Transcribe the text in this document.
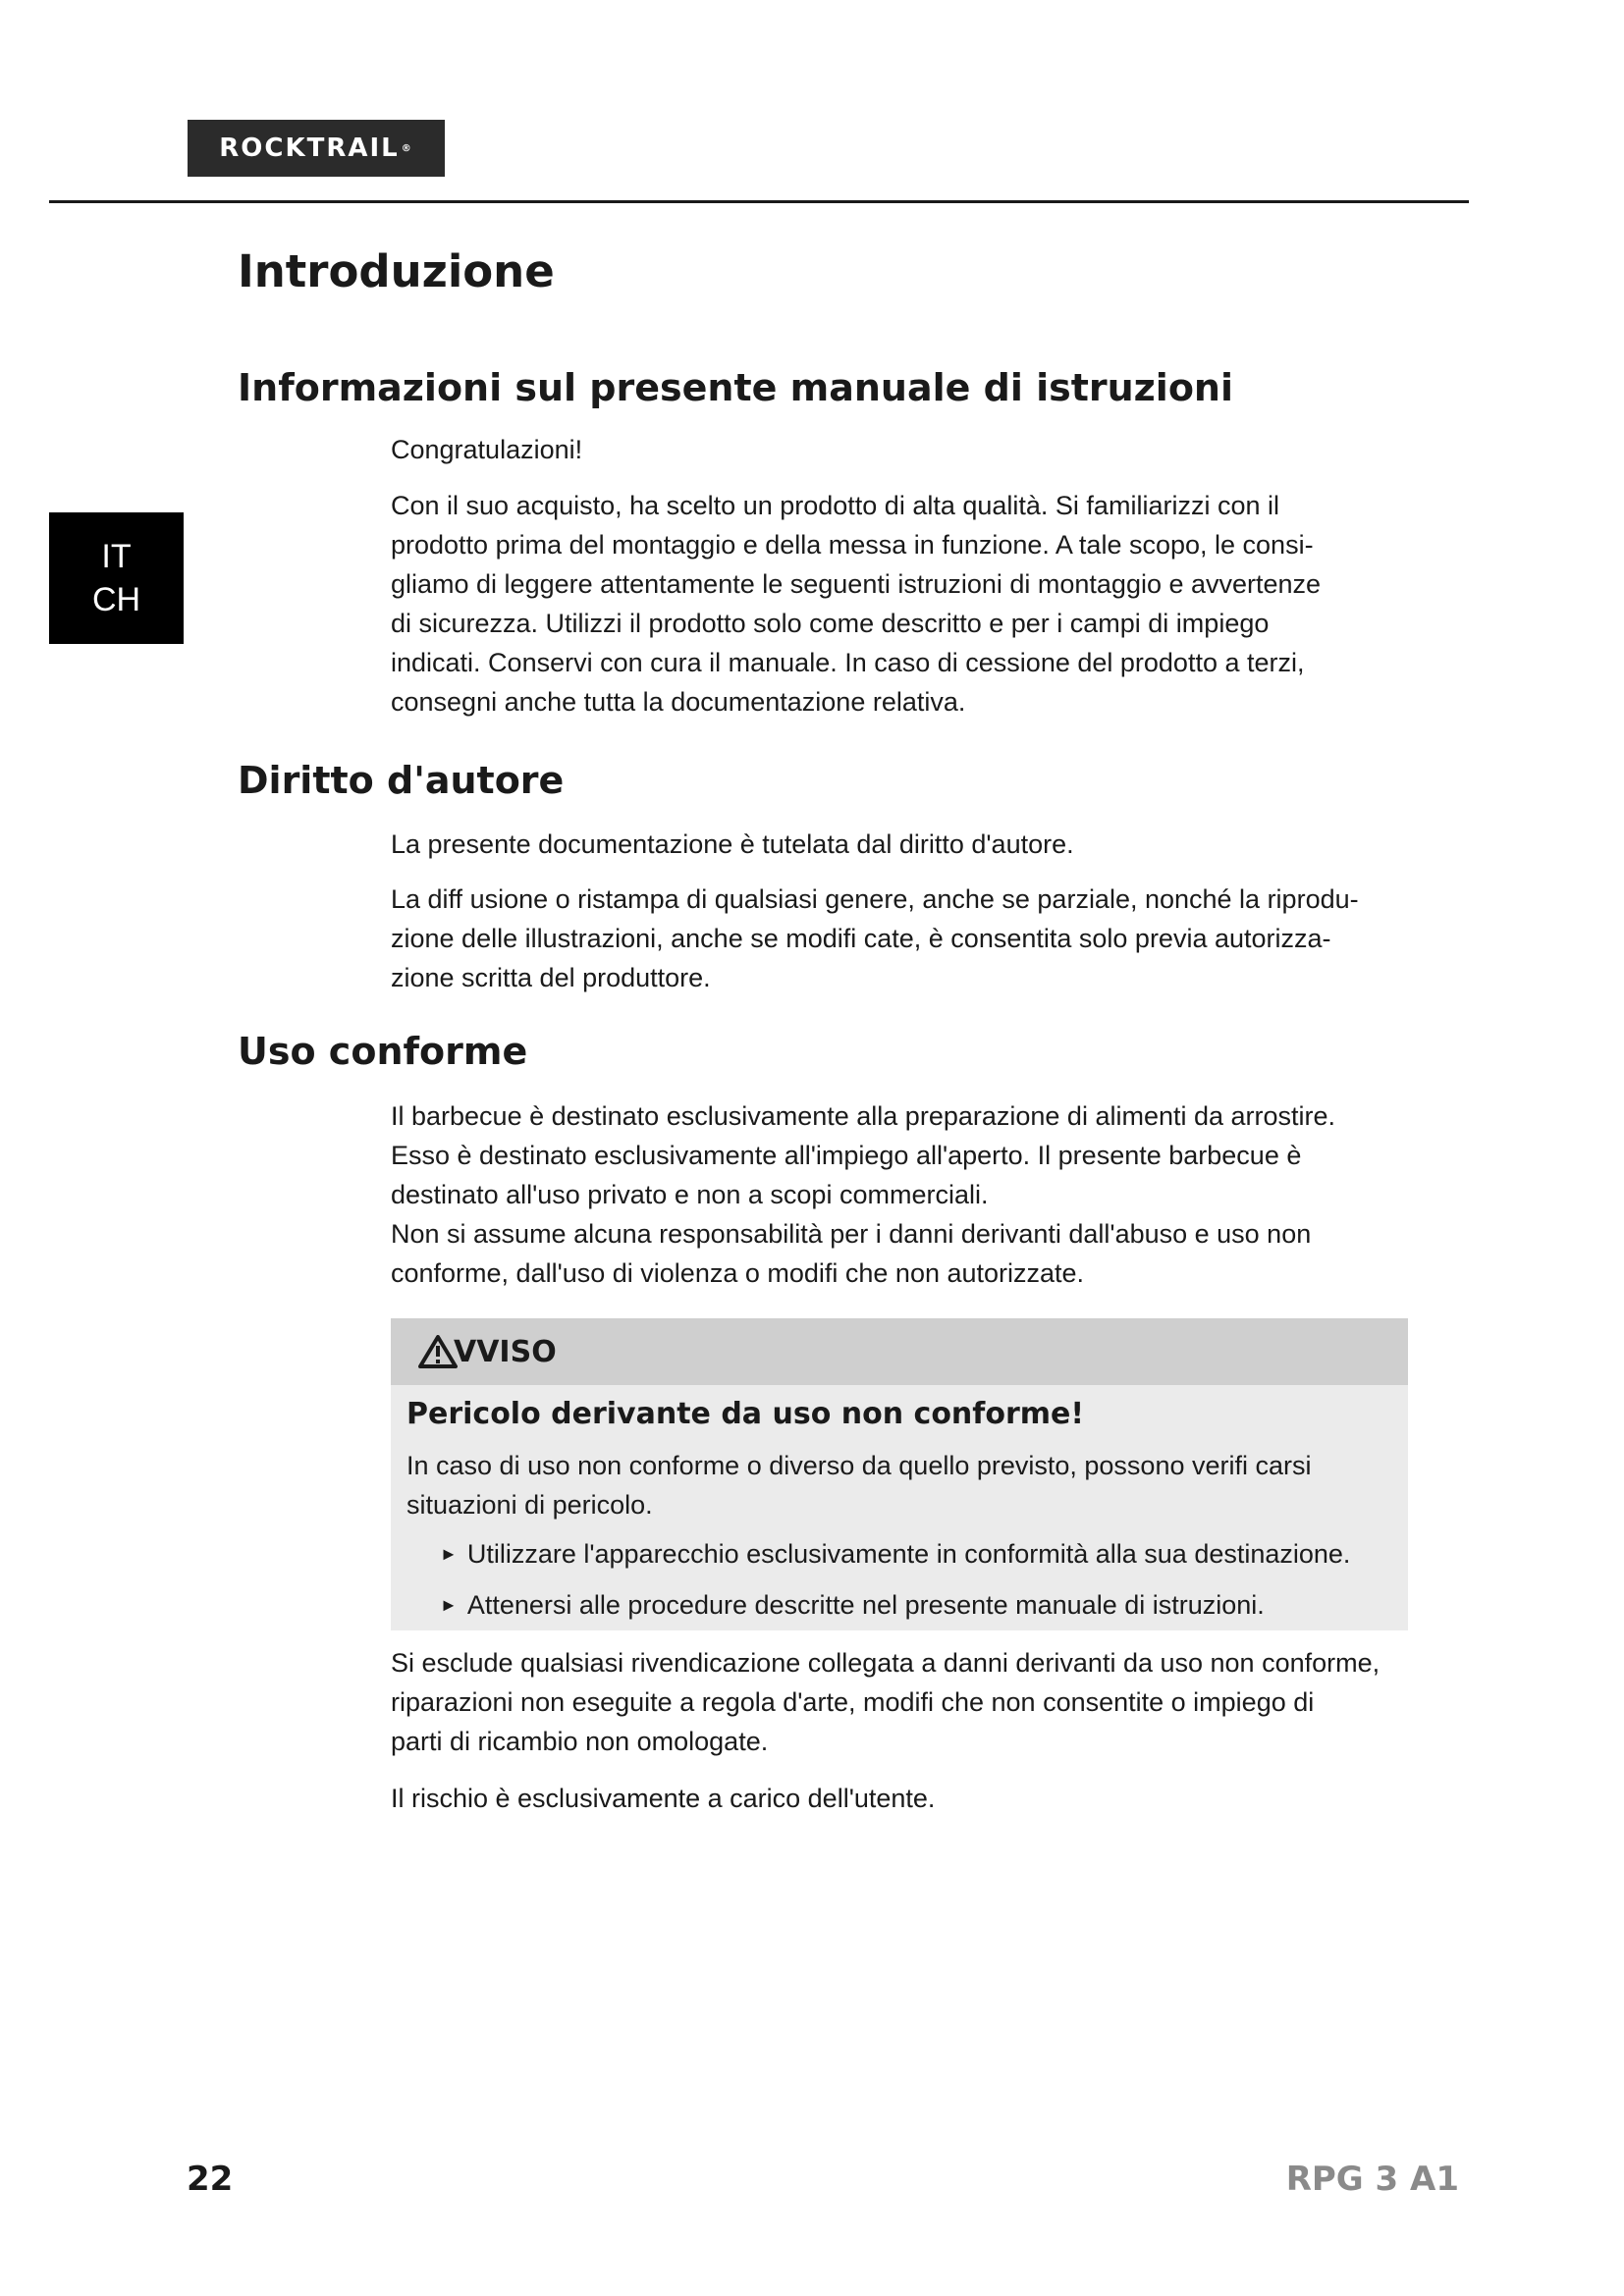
ROCKTRAIL ®
IT
CH
Introduzione
Informazioni sul presente manuale di istruzioni

Congratulazioni!

Con il suo acquisto, ha scelto un prodotto di alta qualità. Si familiarizzi con il
prodotto prima del montaggio e della messa in funzione. A tale scopo, le consi-
gliamo di leggere attentamente le seguenti istruzioni di montaggio e avvertenze
di sicurezza. Utilizzi il prodotto solo come descritto e per i campi di impiego
indicati. Conservi con cura il manuale. In caso di cessione del prodotto a terzi,
consegni anche tutta la documentazione relativa.
Diritto d'autore

La presente documentazione è tutelata dal diritto d'autore.

La diff usione o ristampa di qualsiasi genere, anche se parziale, nonché la riprodu-
zione delle illustrazioni, anche se modifi cate, è consentita solo previa autorizza-
zione scritta del produttore.
Uso conforme
Il barbecue è destinato esclusivamente alla preparazione di alimenti da arrostire.
Esso è destinato esclusivamente all'impiego all'aperto. Il presente barbecue è
destinato all'uso privato e non a scopi commerciali.
Non si assume alcuna responsabilità per i danni derivanti dall'abuso e uso non
conforme, dall'uso di violenza o modifi che non autorizzate.
VVISO
Pericolo derivante da uso non conforme!
In caso di uso non conforme o diverso da quello previsto, possono verifi carsi
situazioni di pericolo.
► Utilizzare l'apparecchio esclusivamente in conformità alla sua destinazione.
► Attenersi alle procedure descritte nel presente manuale di istruzioni.
Si esclude qualsiasi rivendicazione collegata a danni derivanti da uso non conforme,
riparazioni non eseguite a regola d'arte, modifi che non consentite o impiego di
parti di ricambio non omologate.

Il rischio è esclusivamente a carico dell'utente.

22	RPG 3 A1
